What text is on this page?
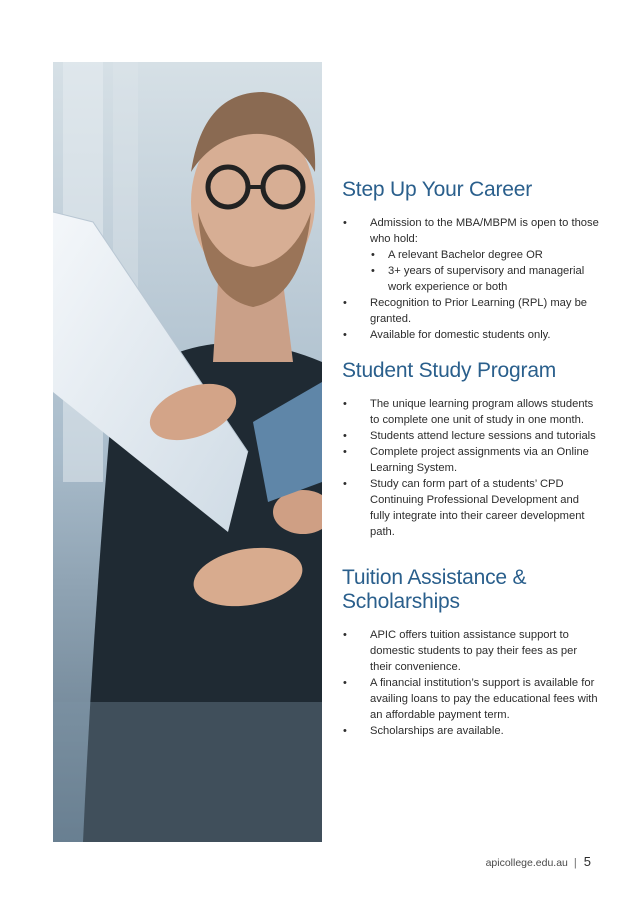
Step Up Your Career
• Admission to the MBA/MBPM is open to those who hold:
• A relevant Bachelor degree OR
• 3+ years of supervisory and managerial work experience or both
• Recognition to Prior Learning (RPL) may be granted.
• Available for domestic students only.
Student Study Program
• The unique learning program allows students to complete one unit of study in one month.
• Students attend lecture sessions and tutorials
• Complete project assignments via an Online Learning System.
• Study can form part of a students’ CPD Continuing Professional Development and fully integrate into their career development path.
Tuition Assistance & Scholarships
• APIC offers tuition assistance support to domestic students to pay their fees as per their convenience.
• A financial institution’s support is available for availing loans to pay the educational fees with an affordable payment term.
• Scholarships are available.
apicollege.edu.au | 5
